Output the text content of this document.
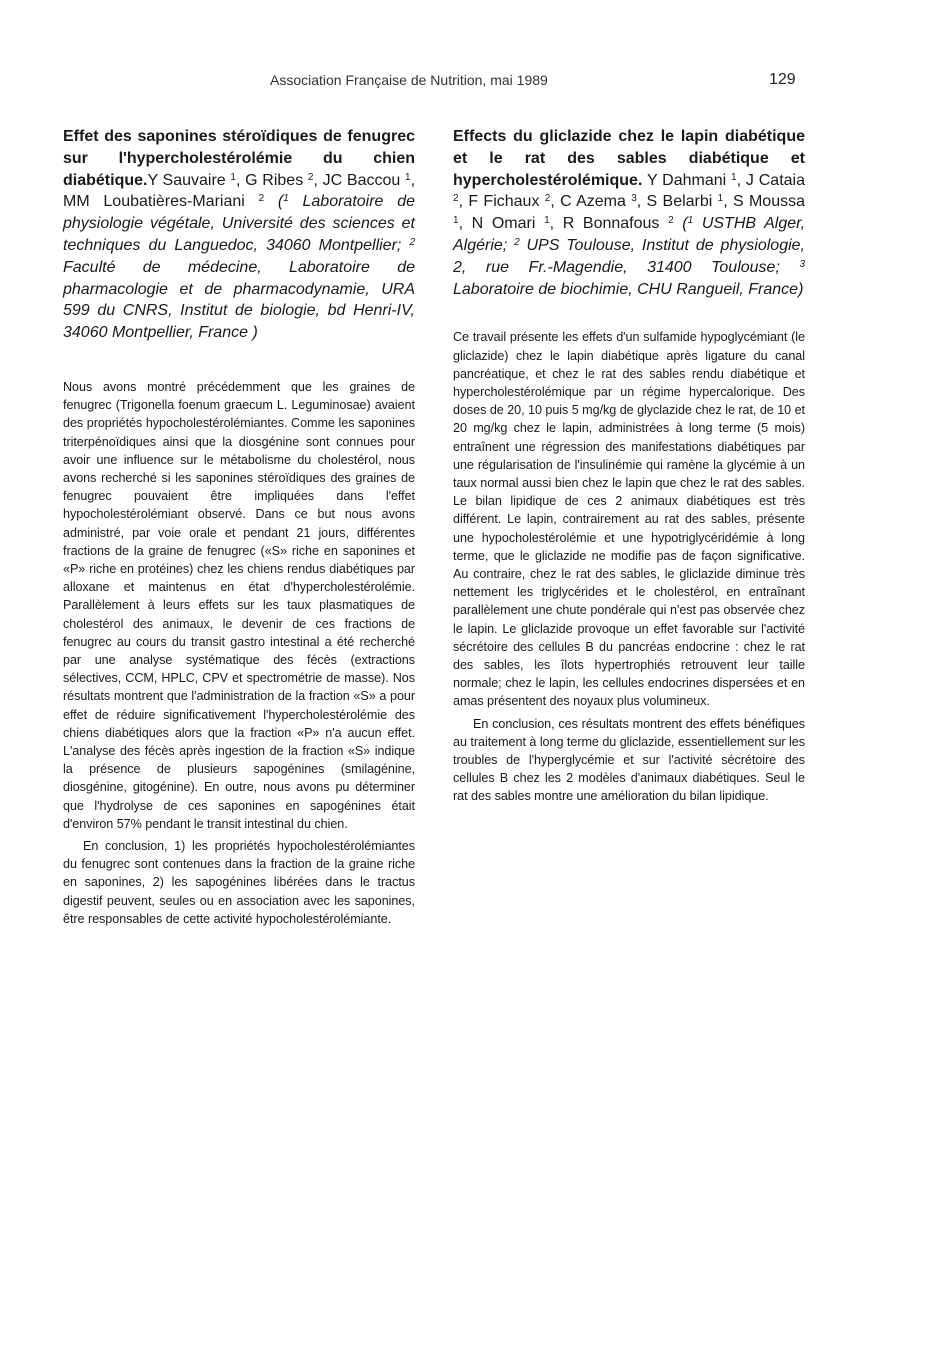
Association Française de Nutrition, mai 1989	129
Effet des saponines stéroïdiques de fenugrec sur l'hypercholestérolémie du chien diabétique.Y Sauvaire $^1$, G Ribes $^2$, JC Baccou $^1$, MM Loubatières-Mariani $^2$ ($^1$ Laboratoire de physiologie végétale, Université des sciences et techniques du Languedoc, 34060 Montpellier; $^2$ Faculté de médecine, Laboratoire de pharmacologie et de pharmacodynamie, URA 599 du CNRS, Institut de biologie, bd Henri-IV, 34060 Montpellier, France )

Nous avons montré précédemment que les graines de fenugrec (Trigonella foenum graecum L. Leguminosae) avaient des propriétés hypocholestérolémiantes. Comme les saponines triterpénoïdiques ainsi que la diosgénine sont connues pour avoir une influence sur le métabolisme du cholestérol, nous avons recherché si les saponines stéroïdiques des graines de fenugrec pouvaient être impliquées dans l'effet hypocholestérolémiant observé. Dans ce but nous avons administré, par voie orale et pendant 21 jours, différentes fractions de la graine de fenugrec («S» riche en saponines et «P» riche en protéines) chez les chiens rendus diabétiques par alloxane et maintenus en état d'hypercholestérolémie. Parallèlement à leurs effets sur les taux plasmatiques de cholestérol des animaux, le devenir de ces fractions de fenugrec au cours du transit gastro intestinal a été recherché par une analyse systématique des fécès (extractions sélectives, CCM, HPLC, CPV et spectrométrie de masse). Nos résultats montrent que l'administration de la fraction «S» a pour effet de réduire significativement l'hypercholestérolémie des chiens diabétiques alors que la fraction «P» n'a aucun effet. L'analyse des fécès après ingestion de la fraction «S» indique la présence de plusieurs sapogénines (smilagénine, diosgénine, gitogénine). En outre, nous avons pu déterminer que l'hydrolyse de ces saponines en sapogénines était d'environ 57% pendant le transit intestinal du chien.

En conclusion, 1) les propriétés hypocholestérolémiantes du fenugrec sont contenues dans la fraction de la graine riche en saponines, 2) les sapogénines libérées dans le tractus digestif peuvent, seules ou en association avec les saponines, être responsables de cette activité hypocholestérolémiante.

Effects du gliclazide chez le lapin diabétique et le rat des sables diabétique et hypercholestérolémique. Y Dahmani $^1$, J Cataia $^2$, F Fichaux $^2$, C Azema $^3$, S Belarbi $^1$, S Moussa $^1$, N Omari $^1$, R Bonnafous $^2$ ($^1$ USTHB Alger, Algérie; $^2$ UPS Toulouse, Institut de physiologie, 2, rue Fr.-Magendie, 31400 Toulouse; $^3$ Laboratoire de biochimie, CHU Rangueil, France)

Ce travail présente les effets d'un sulfamide hypoglycémiant (le gliclazide) chez le lapin diabétique après ligature du canal pancréatique, et chez le rat des sables rendu diabétique et hypercholestérolémique par un régime hypercalorique. Des doses de 20, 10 puis 5 mg/kg de glyclazide chez le rat, de 10 et 20 mg/kg chez le lapin, administrées à long terme (5 mois) entraînent une régression des manifestations diabétiques par une régularisation de l'insulinémie qui ramène la glycémie à un taux normal aussi bien chez le lapin que chez le rat des sables. Le bilan lipidique de ces 2 animaux diabétiques est très différent. Le lapin, contrairement au rat des sables, présente une hypocholestérolémie et une hypotriglycéridémie à long terme, que le gliclazide ne modifie pas de façon significative. Au contraire, chez le rat des sables, le gliclazide diminue très nettement les triglycérides et le cholestérol, en entraînant parallèlement une chute pondérale qui n'est pas observée chez le lapin. Le gliclazide provoque un effet favorable sur l'activité sécrétoire des cellules B du pancréas endocrine : chez le rat des sables, les îlots hypertrophiés retrouvent leur taille normale; chez le lapin, les cellules endocrines dispersées et en amas présentent des noyaux plus volumineux.

En conclusion, ces résultats montrent des effets bénéfiques au traitement à long terme du gliclazide, essentiellement sur les troubles de l'hyperglycémie et sur l'activité sécrétoire des cellules B chez les 2 modèles d'animaux diabétiques. Seul le rat des sables montre une amélioration du bilan lipidique.
